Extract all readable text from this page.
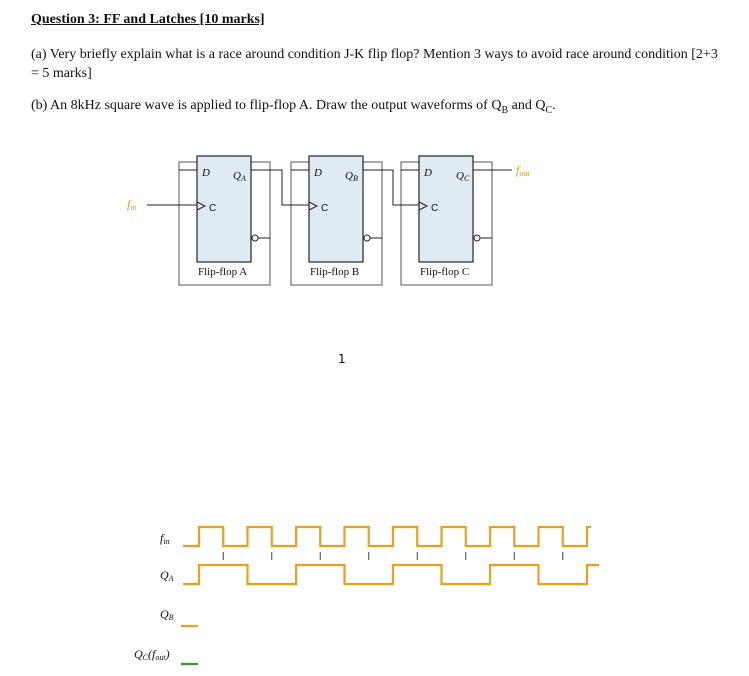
Question 3: FF and Latches [10 marks]
(a) Very briefly explain what is a race around condition J-K flip flop? Mention 3 ways to avoid race around condition [2+3 = 5 marks]
(b) An 8kHz square wave is applied to flip-flop A. Draw the output waveforms of $Q_B$ and $Q_C$.
1
D QA
C
Flip-flop A
D QB
C
Flip-flop B
D QC
C
Flip-flop C
fin
fout
fin
QA
QB
QC(fout)
